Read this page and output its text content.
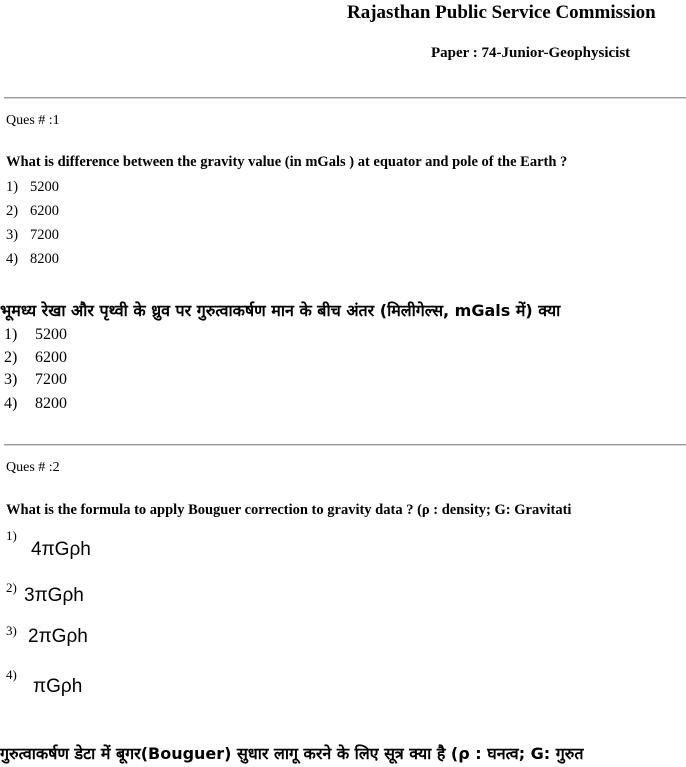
Rajasthan Public Service Commission
Paper : 74-Junior-Geophysicist
Ques # :1
What is difference between the gravity value (in mGals ) at equator and pole of the Earth ?
1) 5200
2) 6200
3) 7200
4) 8200
भूमध्य रेखा और पृथ्वी के ध्रुव पर गुरुत्वाकर्षण मान के बीच अंतर (मिलीगेल्स, mGals में) क्या
1) 5200
2) 6200
3) 7200
4) 8200
Ques # :2
What is the formula to apply Bouguer correction to gravity data ? (ρ : density; G: Gravitati
1)
4πGρh
2) 3πGρh
3) 2πGρh
4)
πGρh
गुरुत्वाकर्षण डेटा में बूगर(Bouguer) सुधार लागू करने के लिए सूत्र क्या है (ρ : घनत्व; G: गुरुत
